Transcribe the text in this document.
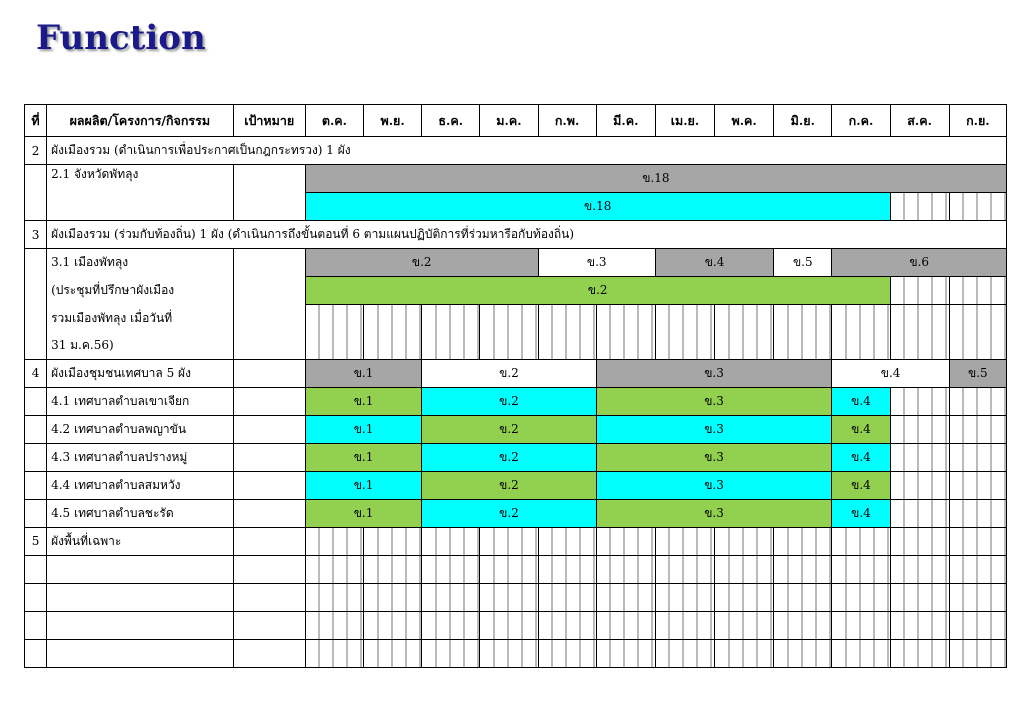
Function
ที่	ผลผลิต/โครงการ/กิจกรรม	เป้าหมาย	ต.ค.	พ.ย.	ธ.ค.	ม.ค.	ก.พ.	มี.ค.	เม.ย.	พ.ค.	มิ.ย.	ก.ค.	ส.ค.	ก.ย.
2	ผังเมืองรวม (ดำเนินการเพื่อประกาศเป็นกฎกระทรวง) 1 ผัง													
	2.1 จังหวัดพัทลุง		ข.18											
			ข.18											
3	ผังเมืองรวม (ร่วมกับท้องถิ่น) 1 ผัง (ดำเนินการถึงขั้นตอนที่ 6 ตามแผนปฏิบัติการที่ร่วมหารือกับท้องถิ่น)													
	3.1 เมืองพัทลุง		ข.2				ข.3		ข.4		ข.5	ข.6		
	(ประชุมที่ปรึกษาผังเมือง		ข.2											
	รวมเมืองพัทลุง เมื่อวันที่													
	31 ม.ค.56)													
4	ผังเมืองชุมชนเทศบาล 5 ผัง		ข.1		ข.2			ข.3				ข.4		ข.5
	4.1 เทศบาลตำบลเขาเจียก		ข.1		ข.2			ข.3				ข.4		
	4.2 เทศบาลตำบลพญาขัน		ข.1		ข.2			ข.3				ข.4		
	4.3 เทศบาลตำบลปรางหมู่		ข.1		ข.2			ข.3				ข.4		
	4.4 เทศบาลตำบลสมหวัง		ข.1		ข.2			ข.3				ข.4		
	4.5 เทศบาลตำบลชะรัด		ข.1		ข.2			ข.3				ข.4		
5	ผังพื้นที่เฉพาะ													
